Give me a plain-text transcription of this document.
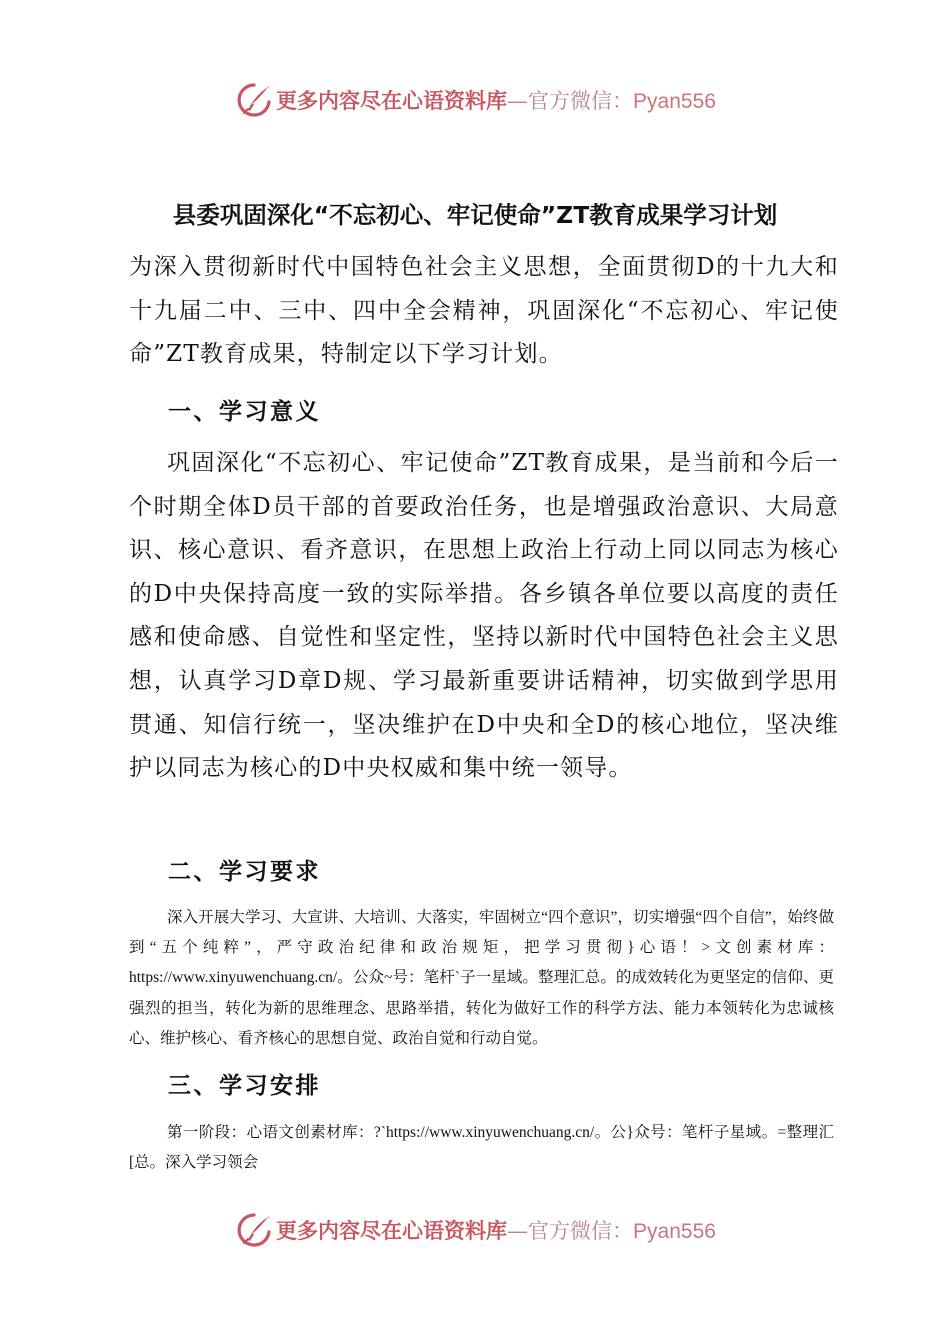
更多内容尽在心语资料库—官方微信：Pyan556
县委巩固深化“不忘初心、牢记使命”ZT教育成果学习计划

为深入贯彻新时代中国特色社会主义思想，全面贯彻D的十九大和十九届二中、三中、四中全会精神，巩固深化“不忘初心、牢记使命”ZT教育成果，特制定以下学习计划。

一、学习意义

巩固深化“不忘初心、牢记使命”ZT教育成果，是当前和今后一个时期全体D员干部的首要政治任务，也是增强政治意识、大局意识、核心意识、看齐意识，在思想上政治上行动上同以同志为核心的D中央保持高度一致的实际举措。各乡镇各单位要以高度的责任感和使命感、自觉性和坚定性，坚持以新时代中国特色社会主义思想，认真学习D章D规、学习最新重要讲话精神，切实做到学思用贯通、知信行统一，坚决维护在D中央和全D的核心地位，坚决维护以同志为核心的D中央权威和集中统一领导。

二、学习要求

深入开展大学习、大宣讲、大培训、大落实，牢固树立“四个意识”，切实增强“四个自信”，始终做到“五个纯粹”，严守政治纪律和政治规矩，把学习贯彻}心语！>文创素材库：https://www.xinyuwenchuang.cn/。公众~号：笔杆`子一星域。整理汇总。的成效转化为更坚定的信仰、更强烈的担当，转化为新的思维理念、思路举措，转化为做好工作的科学方法、能力本领转化为忠诚核心、维护核心、看齐核心的思想自觉、政治自觉和行动自觉。

三、学习安排

第一阶段：心语文创素材库：?`https://www.xinyuwenchuang.cn/。公}众号：笔杆子星域。=整理汇[总。深入学习领会

更多内容尽在心语资料库—官方微信：Pyan556
